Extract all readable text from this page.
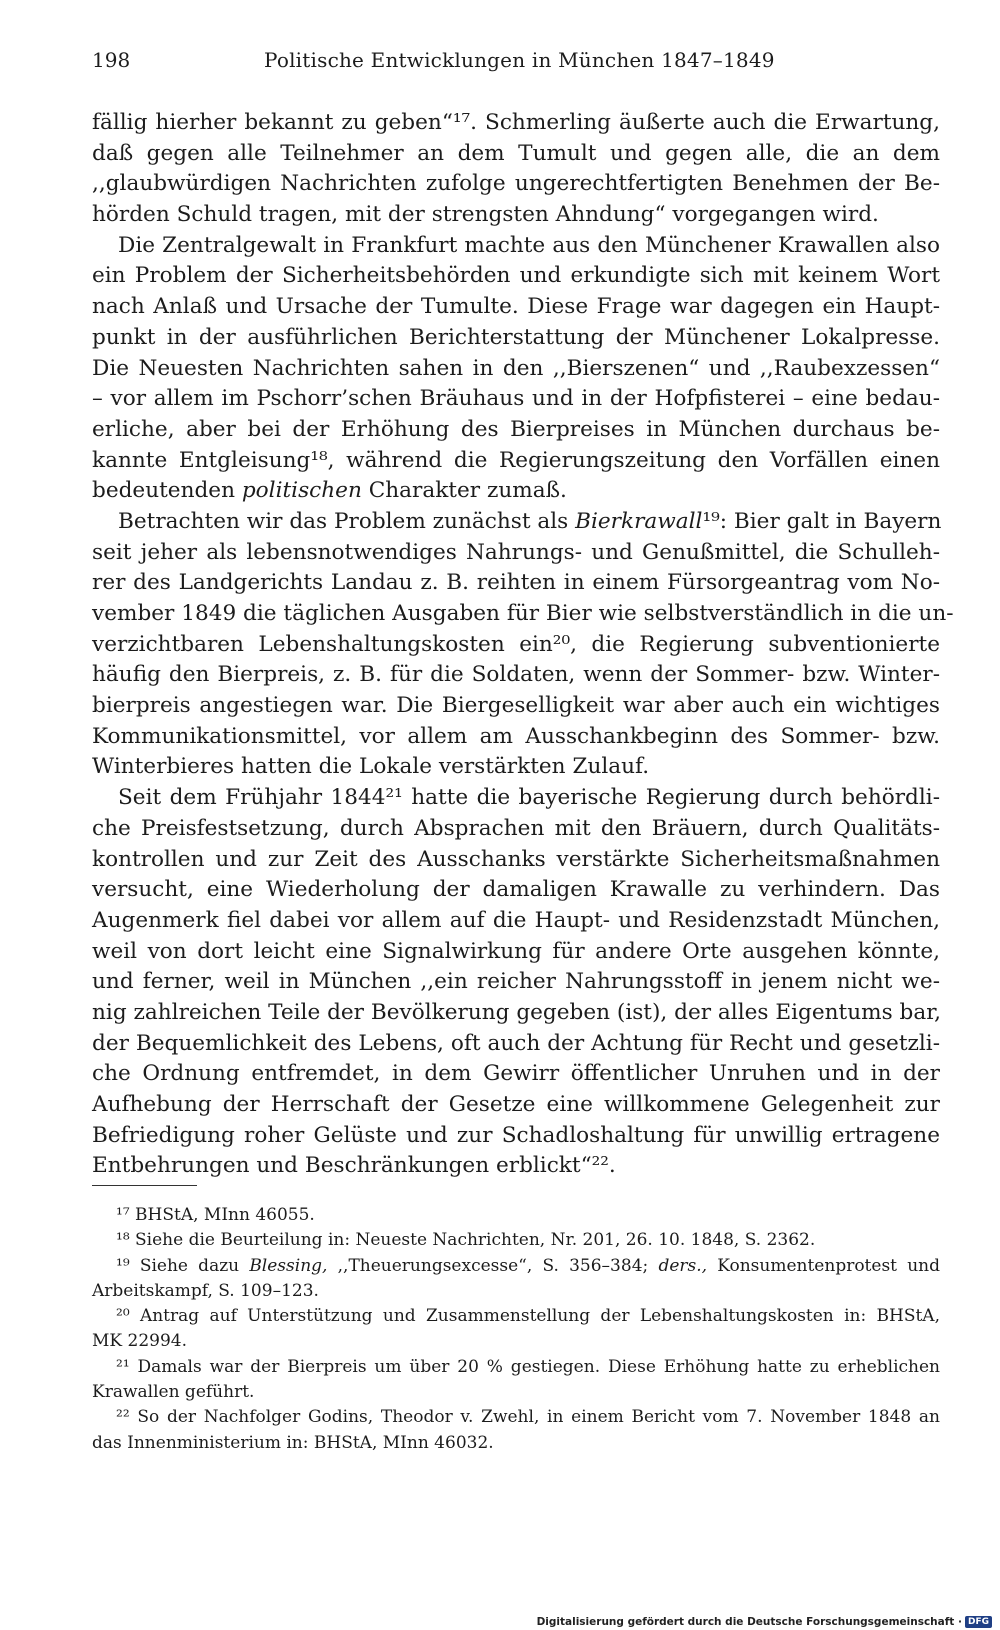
198	Politische Entwicklungen in München 1847–1849
fällig hierher bekannt zu geben“¹⁷. Schmerling äußerte auch die Erwartung,
daß gegen alle Teilnehmer an dem Tumult und gegen alle, die an dem
,,glaubwürdigen Nachrichten zufolge ungerechtfertigten Benehmen der Be-
hörden Schuld tragen, mit der strengsten Ahndung“ vorgegangen wird.
Die Zentralgewalt in Frankfurt machte aus den Münchener Krawallen also
ein Problem der Sicherheitsbehörden und erkundigte sich mit keinem Wort
nach Anlaß und Ursache der Tumulte. Diese Frage war dagegen ein Haupt-
punkt in der ausführlichen Berichterstattung der Münchener Lokalpresse.
Die Neuesten Nachrichten sahen in den ,,Bierszenen“ und ,,Raubexzessen“
– vor allem im Pschorr’schen Bräuhaus und in der Hofpfisterei – eine bedau-
erliche, aber bei der Erhöhung des Bierpreises in München durchaus be-
kannte Entgleisung¹⁸, während die Regierungszeitung den Vorfällen einen
bedeutenden politischen Charakter zumaß.
Betrachten wir das Problem zunächst als Bierkrawall¹⁹: Bier galt in Bayern
seit jeher als lebensnotwendiges Nahrungs- und Genußmittel, die Schulleh-
rer des Landgerichts Landau z. B. reihten in einem Fürsorgeantrag vom No-
vember 1849 die täglichen Ausgaben für Bier wie selbstverständlich in die un-
verzichtbaren Lebenshaltungskosten ein²⁰, die Regierung subventionierte
häufig den Bierpreis, z. B. für die Soldaten, wenn der Sommer- bzw. Winter-
bierpreis angestiegen war. Die Biergeselligkeit war aber auch ein wichtiges
Kommunikationsmittel, vor allem am Ausschankbeginn des Sommer- bzw.
Winterbieres hatten die Lokale verstärkten Zulauf.
Seit dem Frühjahr 1844²¹ hatte die bayerische Regierung durch behördli-
che Preisfestsetzung, durch Absprachen mit den Bräuern, durch Qualitäts-
kontrollen und zur Zeit des Ausschanks verstärkte Sicherheitsmaßnahmen
versucht, eine Wiederholung der damaligen Krawalle zu verhindern. Das
Augenmerk fiel dabei vor allem auf die Haupt- und Residenzstadt München,
weil von dort leicht eine Signalwirkung für andere Orte ausgehen könnte,
und ferner, weil in München ,,ein reicher Nahrungsstoff in jenem nicht we-
nig zahlreichen Teile der Bevölkerung gegeben (ist), der alles Eigentums bar,
der Bequemlichkeit des Lebens, oft auch der Achtung für Recht und gesetzli-
che Ordnung entfremdet, in dem Gewirr öffentlicher Unruhen und in der
Aufhebung der Herrschaft der Gesetze eine willkommene Gelegenheit zur
Befriedigung roher Gelüste und zur Schadloshaltung für unwillig ertragene
Entbehrungen und Beschränkungen erblickt“²².
¹⁷ BHStA, MInn 46055.
¹⁸ Siehe die Beurteilung in: Neueste Nachrichten, Nr. 201, 26. 10. 1848, S. 2362.
¹⁹ Siehe dazu Blessing, ,,Theuerungsexcesse“, S. 356–384; ders., Konsumentenprotest und
Arbeitskampf, S. 109–123.
²⁰ Antrag auf Unterstützung und Zusammenstellung der Lebenshaltungskosten in: BHStA,
MK 22994.
²¹ Damals war der Bierpreis um über 20 % gestiegen. Diese Erhöhung hatte zu erheblichen
Krawallen geführt.
²² So der Nachfolger Godins, Theodor v. Zwehl, in einem Bericht vom 7. November 1848 an
das Innenministerium in: BHStA, MInn 46032.
Digitalisierung gefördert durch die Deutsche Forschungsgemeinschaft · DFG
